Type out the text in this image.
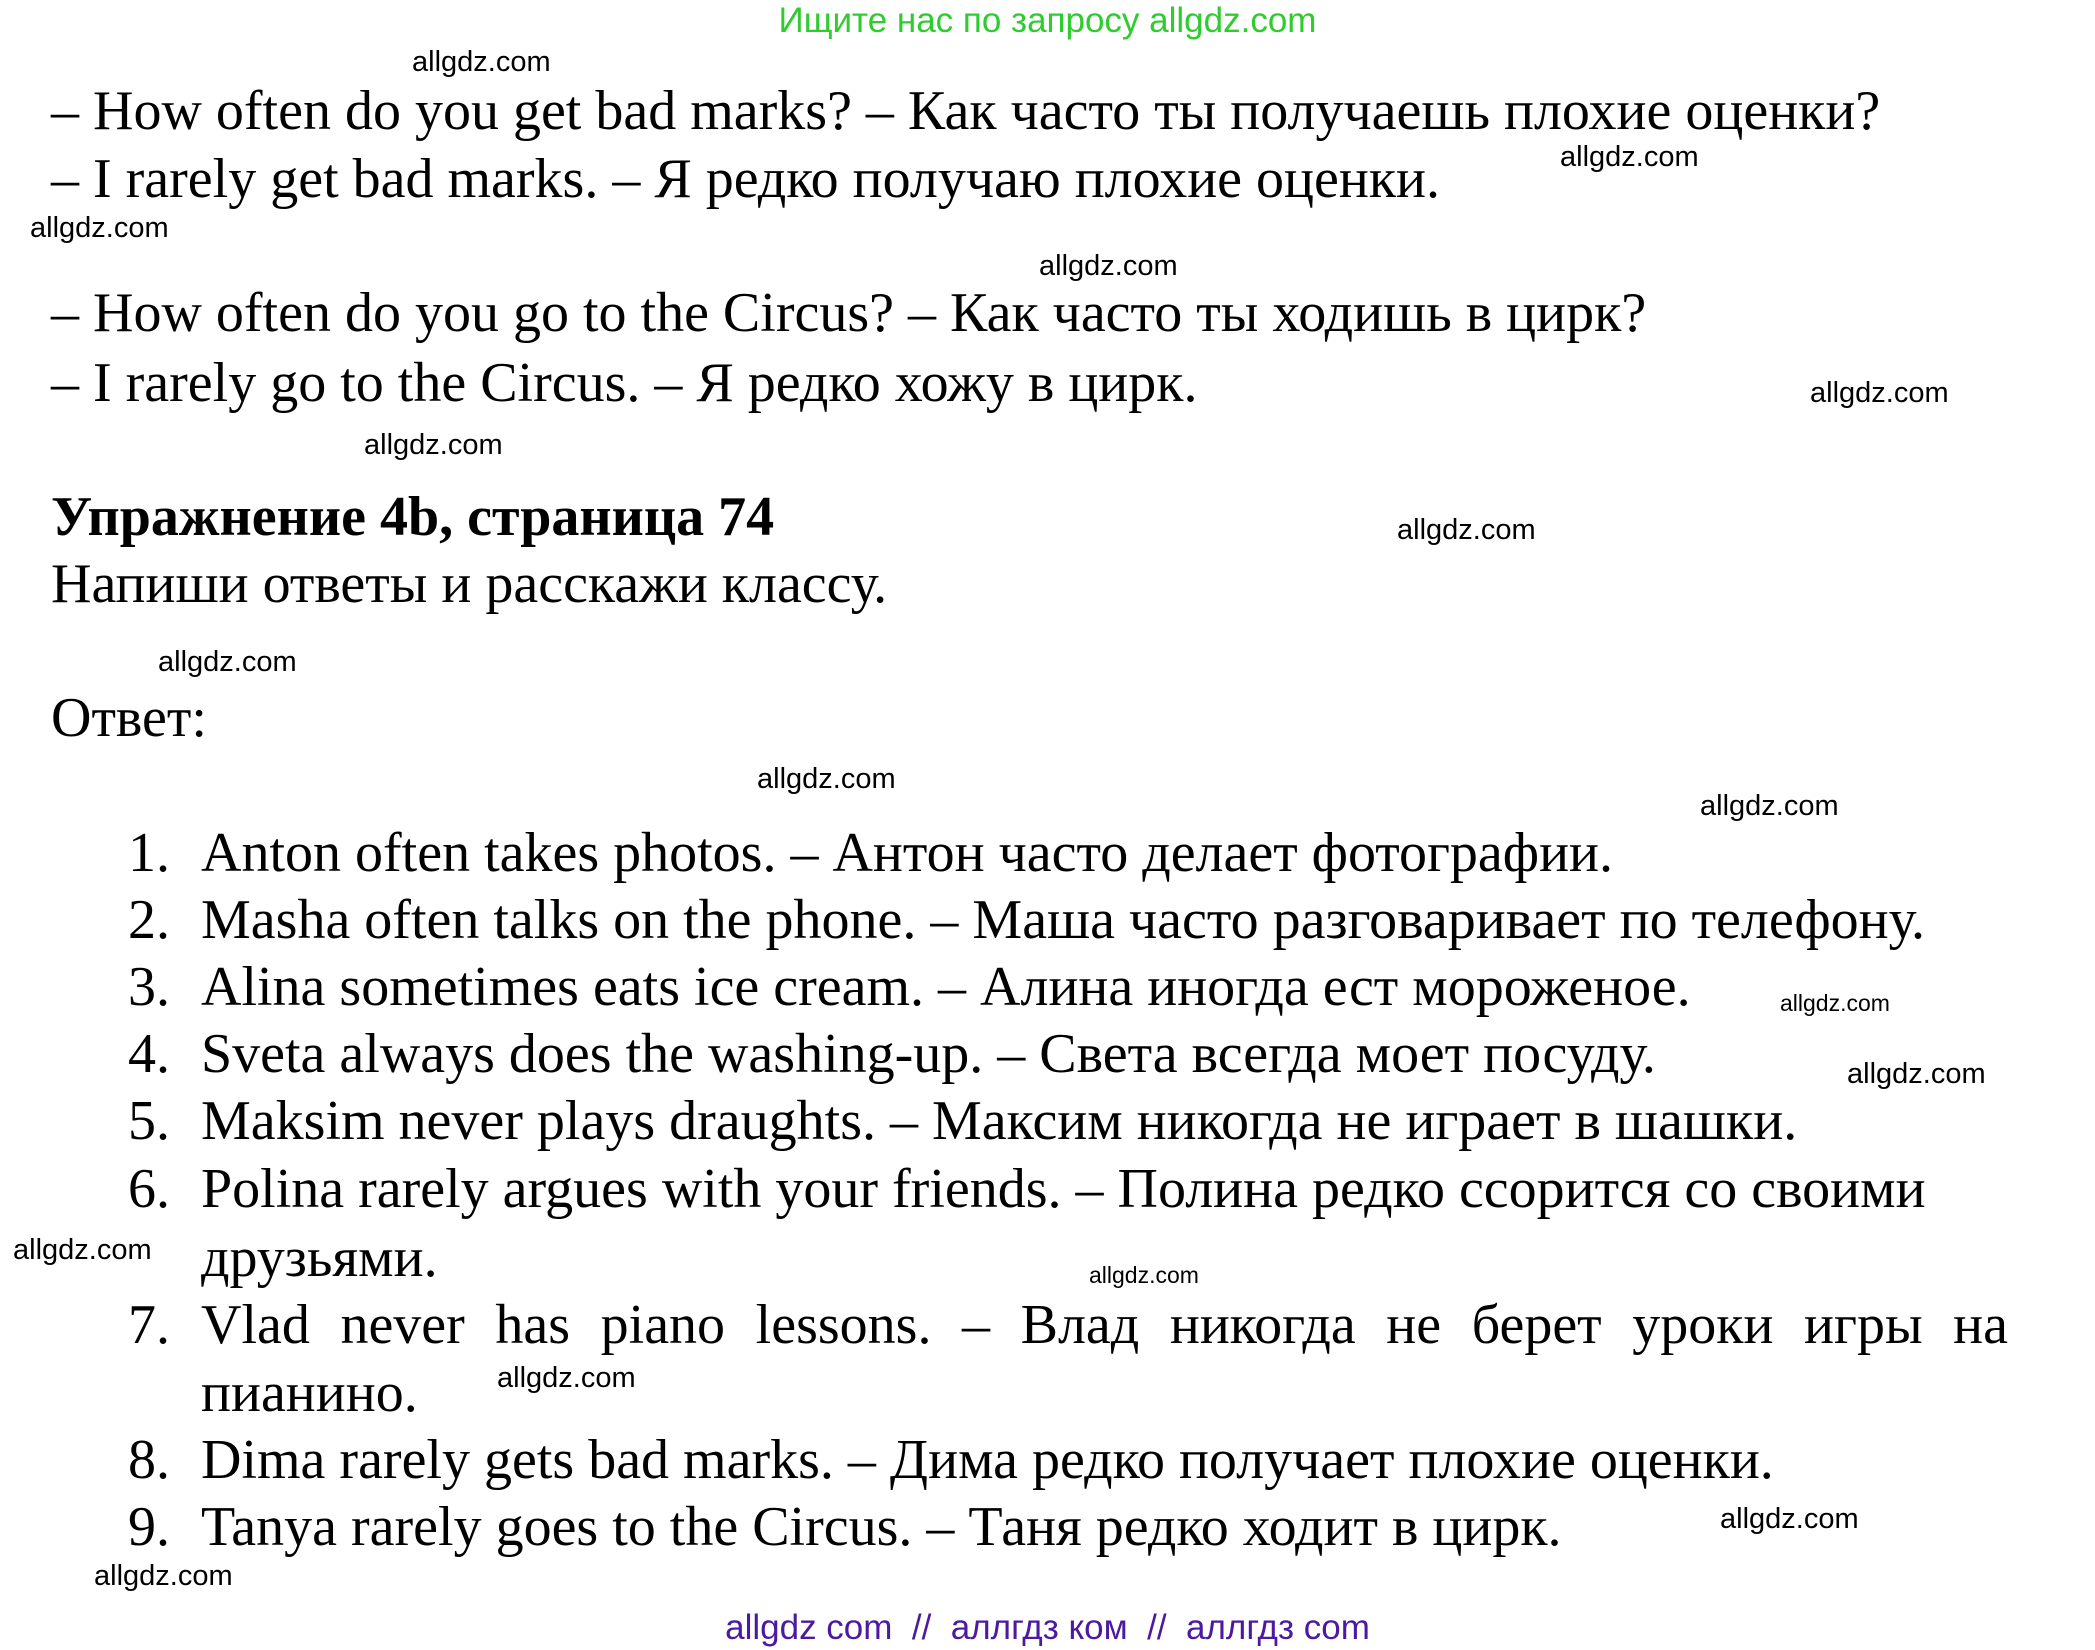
Ищите нас по запросу allgdz.com
– How often do you get bad marks? – Как часто ты получаешь плохие оценки?
– I rarely get bad marks. – Я редко получаю плохие оценки.
– How often do you go to the Circus? – Как часто ты ходишь в цирк?
– I rarely go to the Circus. – Я редко хожу в цирк.
Упражнение 4b, страница 74
Напиши ответы и расскажи классу.
Ответ:
1. Anton often takes photos. – Антон часто делает фотографии.
2. Masha often talks on the phone. – Маша часто разговаривает по телефону.
3. Alina sometimes eats ice cream. – Алина иногда ест мороженое.
4. Sveta always does the washing-up. – Света всегда моет посуду.
5. Maksim never plays draughts. – Максим никогда не играет в шашки.
6. Polina rarely argues with your friends. – Полина редко ссорится со своими
друзьями.
7. Vlad never has piano lessons. – Влад никогда не берет уроки игры на
пианино.
8. Dima rarely gets bad marks. – Дима редко получает плохие оценки.
9. Tanya rarely goes to the Circus. – Таня редко ходит в цирк.
allgdz.com
allgdz.com
allgdz.com
allgdz.com
allgdz.com
allgdz.com
allgdz.com
allgdz.com
allgdz.com
allgdz.com
allgdz.com
allgdz.com
allgdz.com
allgdz.com
allgdz.com
allgdz.com
allgdz.com
allgdz com  //  аллгдз ком  //  аллгдз com
